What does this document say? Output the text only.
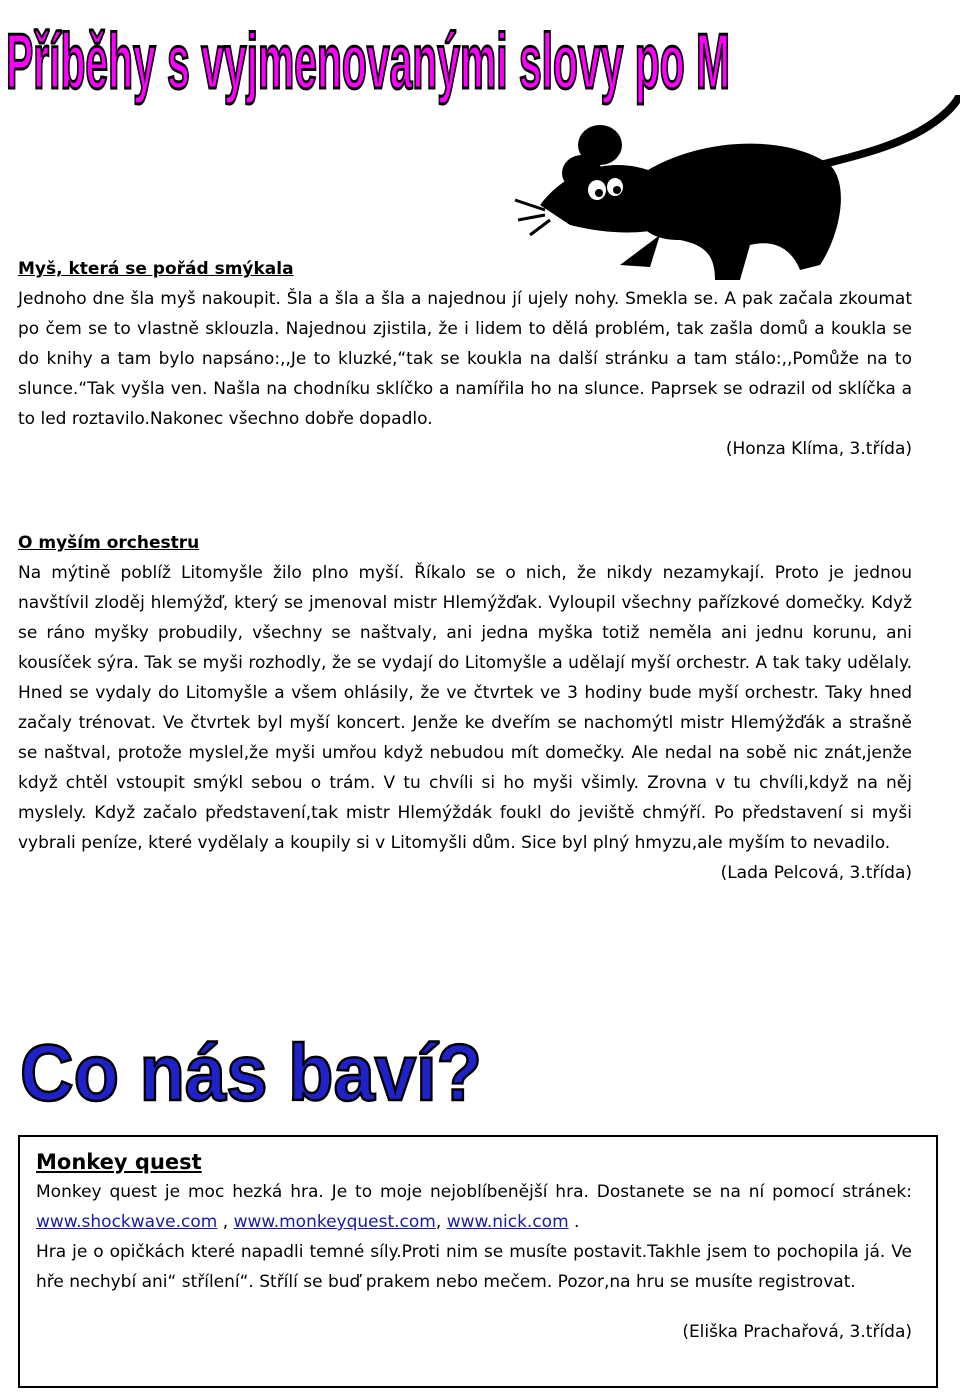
Příběhy s vyjmenovanými slovy po M
Myš, která se pořád smýkala

Jednoho dne šla myš nakoupit. Šla a šla a šla a najednou jí ujely nohy. Smekla se. A pak začala zkoumat po čem se to vlastně sklouzla. Najednou zjistila, že i lidem to dělá problém, tak zašla domů a koukla se do knihy a tam bylo napsáno:,,Je to kluzké,“tak se koukla na další stránku a tam stálo:,,Pomůže na to slunce.“Tak vyšla ven. Našla na chodníku sklíčko a namířila ho na slunce. Paprsek se odrazil od sklíčka a to led roztavilo.Nakonec všechno dobře dopadlo.

(Honza Klíma, 3.třída)
O myším orchestru

Na mýtině poblíž Litomyšle žilo plno myší. Říkalo se o nich, že nikdy nezamykají. Proto je jednou navštívil zloděj hlemýžď, který se jmenoval mistr Hlemýžďak. Vyloupil všechny pařízkové domečky. Když se ráno myšky probudily, všechny se naštvaly, ani jedna myška totiž neměla ani jednu korunu, ani kousíček sýra. Tak se myši rozhodly, že se vydají do Litomyšle a udělají myší orchestr. A tak taky udělaly. Hned se vydaly do Litomyšle a všem ohlásily, že ve čtvrtek ve 3 hodiny bude myší orchestr. Taky hned začaly trénovat. Ve čtvrtek byl myší koncert. Jenže ke dveřím se nachomýtl mistr Hlemýžďák a strašně se naštval, protože myslel,že myši umřou když nebudou mít domečky. Ale nedal na sobě nic znát,jenže když chtěl vstoupit smýkl sebou o trám. V tu chvíli si ho myši všimly. Zrovna v tu chvíli,když na něj myslely. Když začalo představení,tak mistr Hlemýždák foukl do jeviště chmýří. Po představení si myši vybrali peníze, které vydělaly a koupily si v Litomyšli dům. Sice byl plný hmyzu,ale myším to nevadilo.

(Lada Pelcová, 3.třída)
Co nás baví?
Monkey quest

Monkey quest je moc hezká hra. Je to moje nejoblíbenější hra. Dostanete se na ní pomocí stránek: www.shockwave.com , www.monkeyquest.com, www.nick.com .

Hra je o opičkách které napadli temné síly.Proti nim se musíte postavit.Takhle jsem to pochopila já. Ve hře nechybí ani“ střílení“. Střílí se buď prakem nebo mečem. Pozor,na hru se musíte registrovat.

(Eliška Prachařová, 3.třída)
